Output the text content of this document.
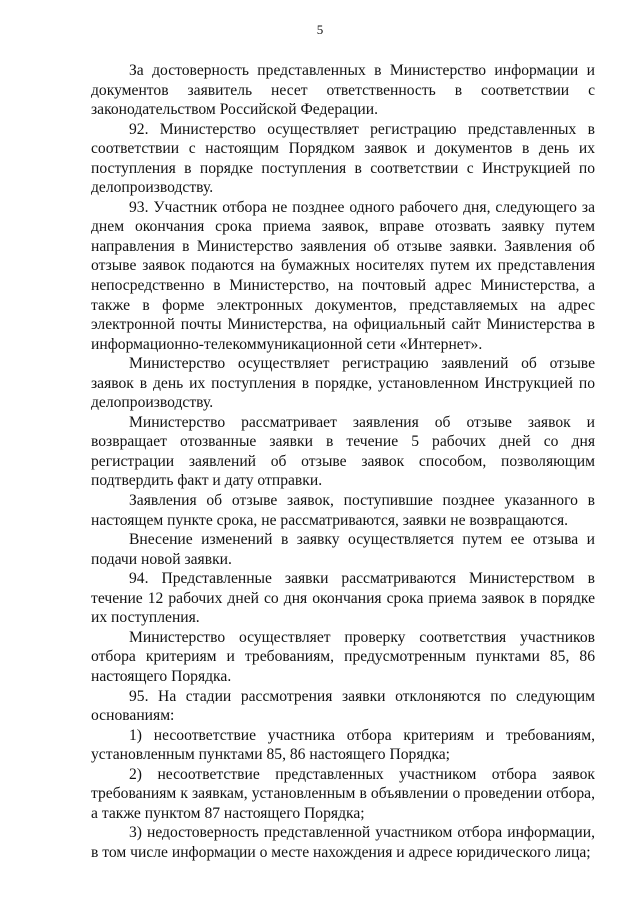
5

За достоверность представленных в Министерство информации и документов заявитель несет ответственность в соответствии с законодательством Российской Федерации.

92. Министерство осуществляет регистрацию представленных в соответствии с настоящим Порядком заявок и документов в день их поступления в порядке поступления в соответствии с Инструкцией по делопроизводству.

93. Участник отбора не позднее одного рабочего дня, следующего за днем окончания срока приема заявок, вправе отозвать заявку путем направления в Министерство заявления об отзыве заявки. Заявления об отзыве заявок подаются на бумажных носителях путем их представления непосредственно в Министерство, на почтовый адрес Министерства, а также в форме электронных документов, представляемых на адрес электронной почты Министерства, на официальный сайт Министерства в информационно-телекоммуникационной сети «Интернет».

Министерство осуществляет регистрацию заявлений об отзыве заявок в день их поступления в порядке, установленном Инструкцией по делопроизводству.

Министерство рассматривает заявления об отзыве заявок и возвращает отозванные заявки в течение 5 рабочих дней со дня регистрации заявлений об отзыве заявок способом, позволяющим подтвердить факт и дату отправки.

Заявления об отзыве заявок, поступившие позднее указанного в настоящем пункте срока, не рассматриваются, заявки не возвращаются.

Внесение изменений в заявку осуществляется путем ее отзыва и подачи новой заявки.

94. Представленные заявки рассматриваются Министерством в течение 12 рабочих дней со дня окончания срока приема заявок в порядке их поступления.

Министерство осуществляет проверку соответствия участников отбора критериям и требованиям, предусмотренным пунктами 85, 86 настоящего Порядка.

95. На стадии рассмотрения заявки отклоняются по следующим основаниям:

1) несоответствие участника отбора критериям и требованиям, установленным пунктами 85, 86 настоящего Порядка;

2) несоответствие представленных участником отбора заявок требованиям к заявкам, установленным в объявлении о проведении отбора, а также пунктом 87 настоящего Порядка;

3) недостоверность представленной участником отбора информации, в том числе информации о месте нахождения и адресе юридического лица;
